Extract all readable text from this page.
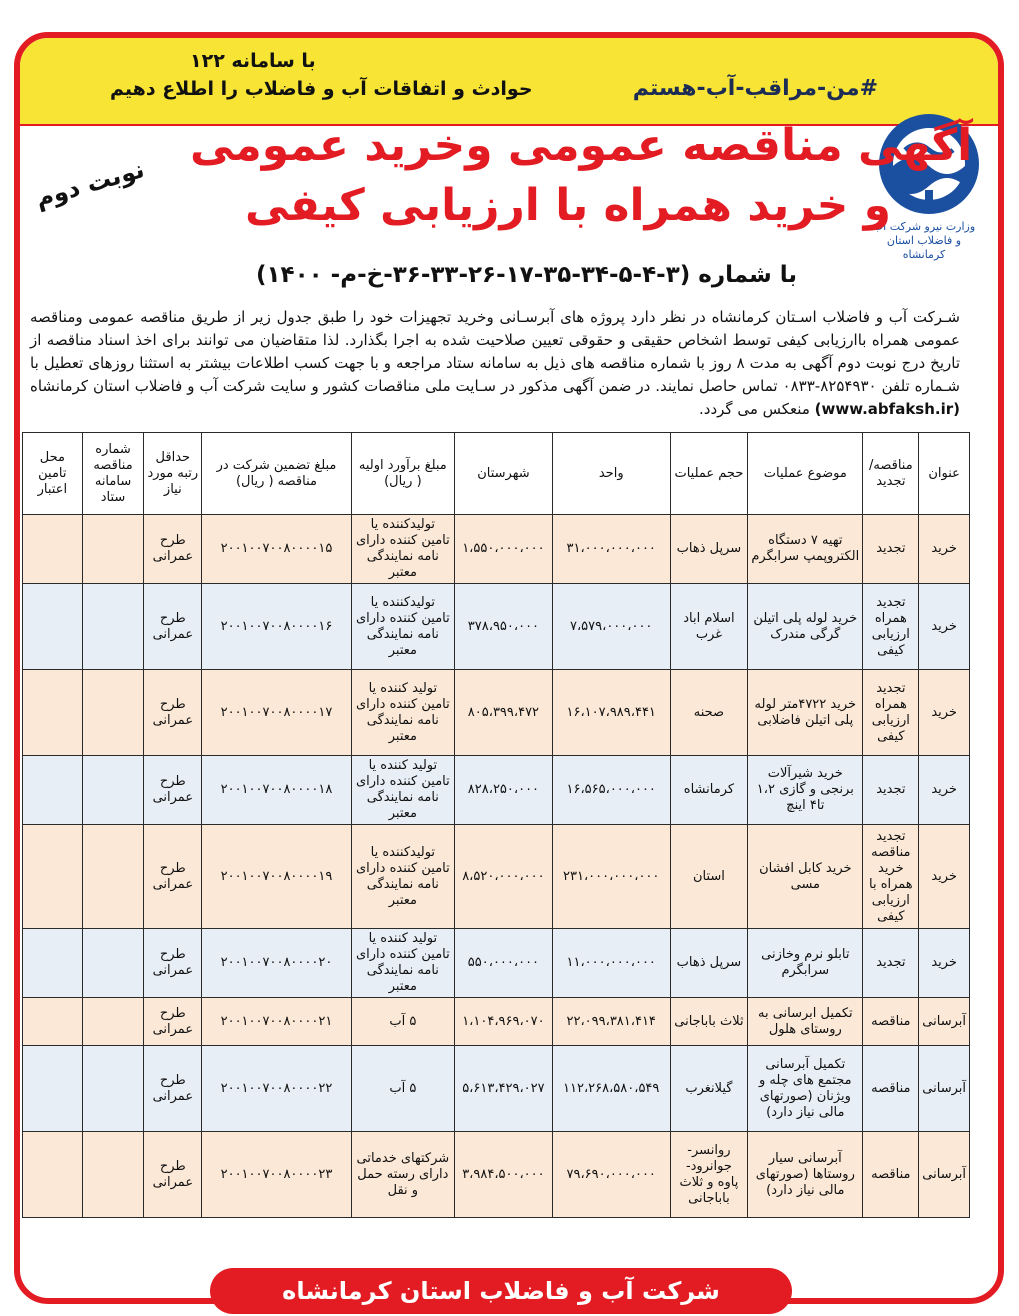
#من-مراقب-آب-هستم
با سامانه ۱۲۲
حوادث و اتفاقات آب و فاضلاب را اطلاع دهیم
وزارت نیرو شرکت آب و فاضلاب استان کرمانشاه
آگهی مناقصه عمومی وخرید عمومی
و خرید همراه با ارزیابی کیفی
نوبت دوم
با شماره (۳-۴-۵-۳۴-۳۵-۱۷-۲۶-۳۳-۳۶-خ-م- ۱۴۰۰)
شـرکت آب و فاضلاب اسـتان کرمانشاه در نظر دارد پروژه های آبرسـانی وخرید تجهیزات خود را طبق جدول زیر از طریق مناقصه عمومی ومناقصه عمومی همراه باارزیابی کیفی توسط اشخاص حقیقی و حقوقی تعیین صلاحیت شده به اجرا بگذارد. لذا متقاضیان می توانند برای اخذ اسناد مناقصه از تاریخ درج نوبت دوم آگهی به مدت ۸ روز با شماره مناقصه های ذیل به سامانه ستاد مراجعه و با جهت کسب اطلاعات بیشتر به استثنا روزهای تعطیل با شـماره تلفن ۸۲۵۴۹۳۰-۰۸۳۳ تماس حاصل نمایند. در ضمن آگهی مذکور در سـایت ملی مناقصات کشور و سایت شرکت آب و فاضلاب استان کرمانشاه (www.abfaksh.ir) منعکس می گردد.
عنوان	مناقصه/ تجدید	موضوع عملیات	حجم عملیات	واحد	شهرستان	مبلغ برآورد اولیه ( ریال)	مبلغ تضمین شرکت در مناقصه ( ریال)	حداقل رتبه مورد نیاز	شماره مناقصه سامانه ستاد	محل تامین اعتبار
خرید	تجدید	تهیه ۷ دستگاه الکتروپمپ سرابگرم	سرپل ذهاب	۳۱،۰۰۰،۰۰۰،۰۰۰	۱،۵۵۰،۰۰۰،۰۰۰	تولیدکننده یا تامین کننده دارای نامه نمایندگی معتبر	۲۰۰۱۰۰۷۰۰۸۰۰۰۰۱۵	طرح عمرانی		
خرید	تجدید همراه ارزیابی کیفی	خرید لوله پلی اتیلن گرگی مندرک	اسلام اباد غرب	۷،۵۷۹،۰۰۰،۰۰۰	۳۷۸،۹۵۰،۰۰۰	تولیدکننده یا تامین کننده دارای نامه نمایندگی معتبر	۲۰۰۱۰۰۷۰۰۸۰۰۰۰۱۶	طرح عمرانی		
خرید	تجدید همراه ارزیابی کیفی	خرید ۴۷۲۲متر لوله پلی اتیلن فاضلابی	صحنه	۱۶،۱۰۷،۹۸۹،۴۴۱	۸۰۵،۳۹۹،۴۷۲	تولید کننده یا تامین کننده دارای نامه نمایندگی معتبر	۲۰۰۱۰۰۷۰۰۸۰۰۰۰۱۷	طرح عمرانی		
خرید	تجدید	خرید شیرآلات برنجی و گازی ۱،۲ تا۴ اینچ	کرمانشاه	۱۶،۵۶۵،۰۰۰،۰۰۰	۸۲۸،۲۵۰،۰۰۰	تولید کننده یا تامین کننده دارای نامه نمایندگی معتبر	۲۰۰۱۰۰۷۰۰۸۰۰۰۰۱۸	طرح عمرانی		
خرید	تجدید مناقصه خرید همراه با ارزیابی کیفی	خرید کابل افشان مسی	استان	۲۳۱،۰۰۰،۰۰۰،۰۰۰	۸،۵۲۰،۰۰۰،۰۰۰	تولیدکننده یا تامین کننده دارای نامه نمایندگی معتبر	۲۰۰۱۰۰۷۰۰۸۰۰۰۰۱۹	طرح عمرانی		
خرید	تجدید	تابلو نرم وخازنی سرابگرم	سرپل ذهاب	۱۱،۰۰۰،۰۰۰،۰۰۰	۵۵۰،۰۰۰،۰۰۰	تولید کننده یا تامین کننده دارای نامه نمایندگی معتبر	۲۰۰۱۰۰۷۰۰۸۰۰۰۰۲۰	طرح عمرانی		
آبرسانی	مناقصه	تکمیل ابرسانی به روستای هلول	ثلاث باباجانی	۲۲،۰۹۹،۳۸۱،۴۱۴	۱،۱۰۴،۹۶۹،۰۷۰	۵ آب	۲۰۰۱۰۰۷۰۰۸۰۰۰۰۲۱	طرح عمرانی		
آبرسانی	مناقصه	تکمیل آبرسانی مجتمع های چله و ویژنان (صورتهای مالی نیاز دارد)	گیلانغرب	۱۱۲،۲۶۸،۵۸۰،۵۴۹	۵،۶۱۳،۴۲۹،۰۲۷	۵ آب	۲۰۰۱۰۰۷۰۰۸۰۰۰۰۲۲	طرح عمرانی		
آبرسانی	مناقصه	آبرسانی سیار روستاها (صورتهای مالی نیاز دارد)	روانسر- جوانرود- پاوه و ثلاث باباجانی	۷۹،۶۹۰،۰۰۰،۰۰۰	۳،۹۸۴،۵۰۰،۰۰۰	شرکتهای خدماتی دارای رسته حمل و نقل	۲۰۰۱۰۰۷۰۰۸۰۰۰۰۲۳	طرح عمرانی		
شرکت آب و فاضلاب استان کرمانشاه
